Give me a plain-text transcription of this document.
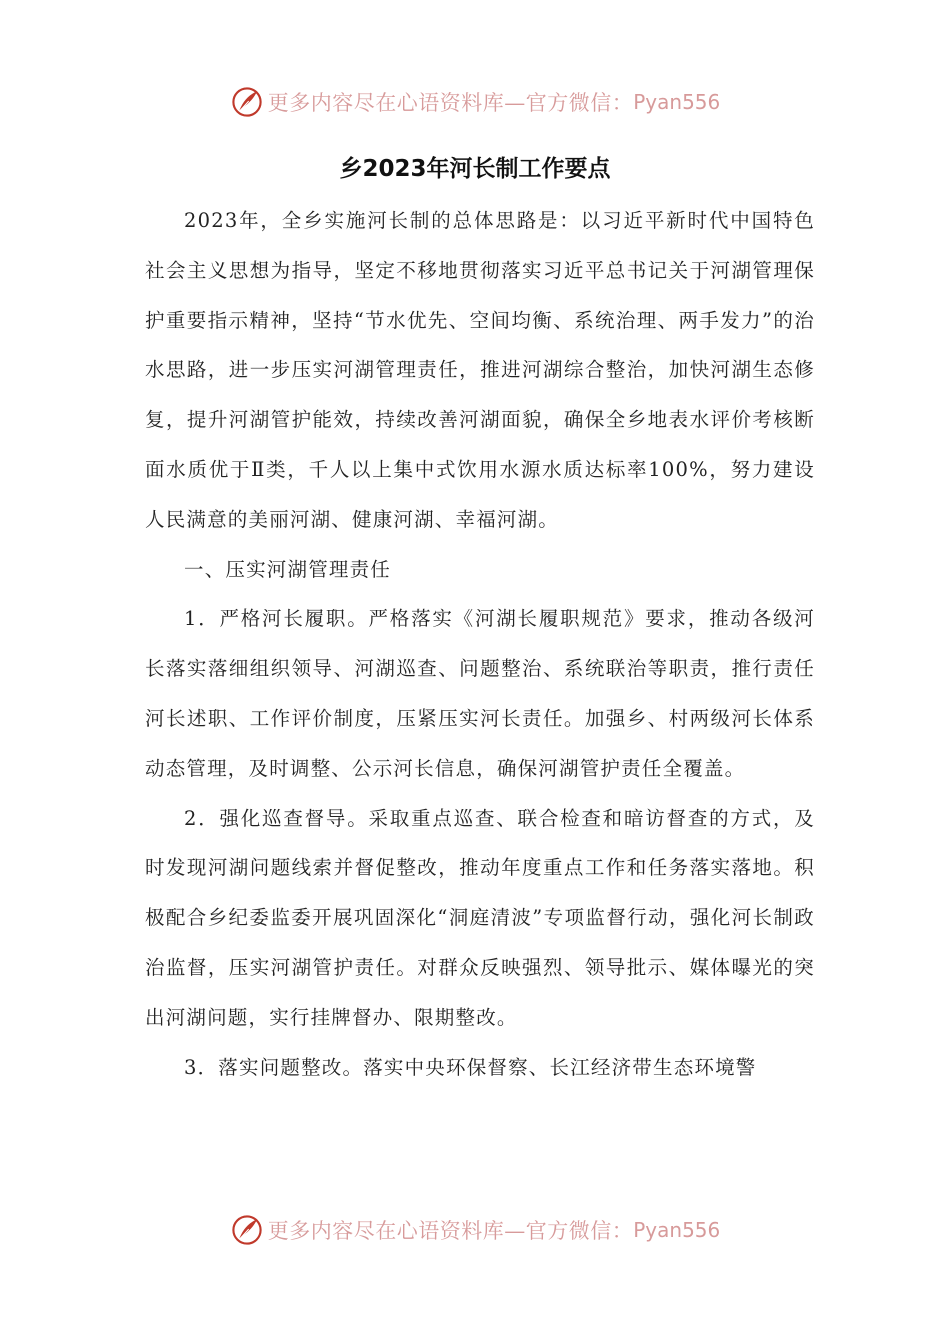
更多内容尽在心语资料库—官方微信： Pyan556
乡2023年河长制工作要点

2023年，全乡实施河长制的总体思路是：以习近平新时代中国特色社会主义思想为指导，坚定不移地贯彻落实习近平总书记关于河湖管理保护重要指示精神，坚持“节水优先、空间均衡、系统治理、两手发力”的治水思路，进一步压实河湖管理责任，推进河湖综合整治，加快河湖生态修复，提升河湖管护能效，持续改善河湖面貌，确保全乡地表水评价考核断面水质优于Ⅱ类，千人以上集中式饮用水源水质达标率100%，努力建设人民满意的美丽河湖、健康河湖、幸福河湖。

一、压实河湖管理责任

1．严格河长履职。严格落实《河湖长履职规范》要求，推动各级河长落实落细组织领导、河湖巡查、问题整治、系统联治等职责，推行责任河长述职、工作评价制度，压紧压实河长责任。加强乡、村两级河长体系动态管理，及时调整、公示河长信息，确保河湖管护责任全覆盖。

2．强化巡查督导。采取重点巡查、联合检查和暗访督查的方式，及时发现河湖问题线索并督促整改，推动年度重点工作和任务落实落地。积极配合乡纪委监委开展巩固深化“洞庭清波”专项监督行动，强化河长制政治监督，压实河湖管护责任。对群众反映强烈、领导批示、媒体曝光的突出河湖问题，实行挂牌督办、限期整改。

3．落实问题整改。落实中央环保督察、长江经济带生态环境警

更多内容尽在心语资料库—官方微信： Pyan556
